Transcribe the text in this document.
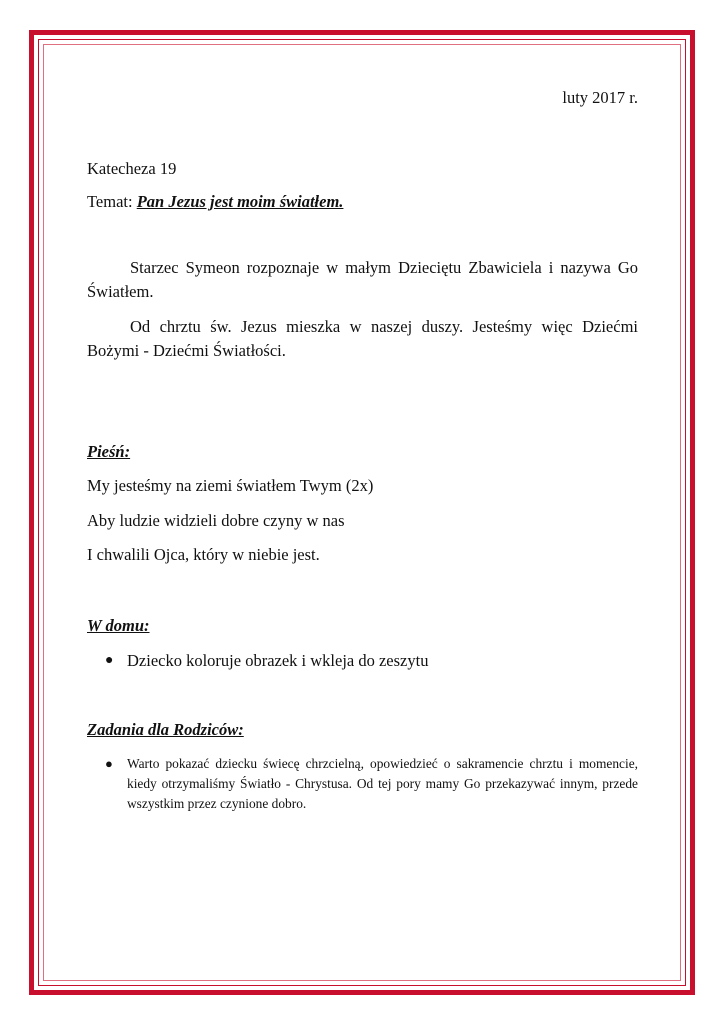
luty 2017 r.
Katecheza 19
Temat: Pan Jezus jest moim światłem.

Starzec Symeon rozpoznaje w małym Dzieciętu Zbawiciela i nazywa Go Światłem.

Od chrztu św. Jezus mieszka w naszej duszy. Jesteśmy więc Dziećmi Bożymi - Dziećmi Światłości.

Pieśń:
My jesteśmy na ziemi światłem Twym (2x)
Aby ludzie widzieli dobre czyny w nas
I chwalili Ojca, który w niebie jest.
W domu:
● Dziecko koloruje obrazek i wkleja do zeszytu
Zadania dla Rodziców:
●	Warto pokazać dziecku świecę chrzcielną, opowiedzieć o sakramencie chrztu i momencie, kiedy otrzymaliśmy Światło - Chrystusa. Od tej pory mamy Go przekazywać innym, przede wszystkim przez czynione dobro.
